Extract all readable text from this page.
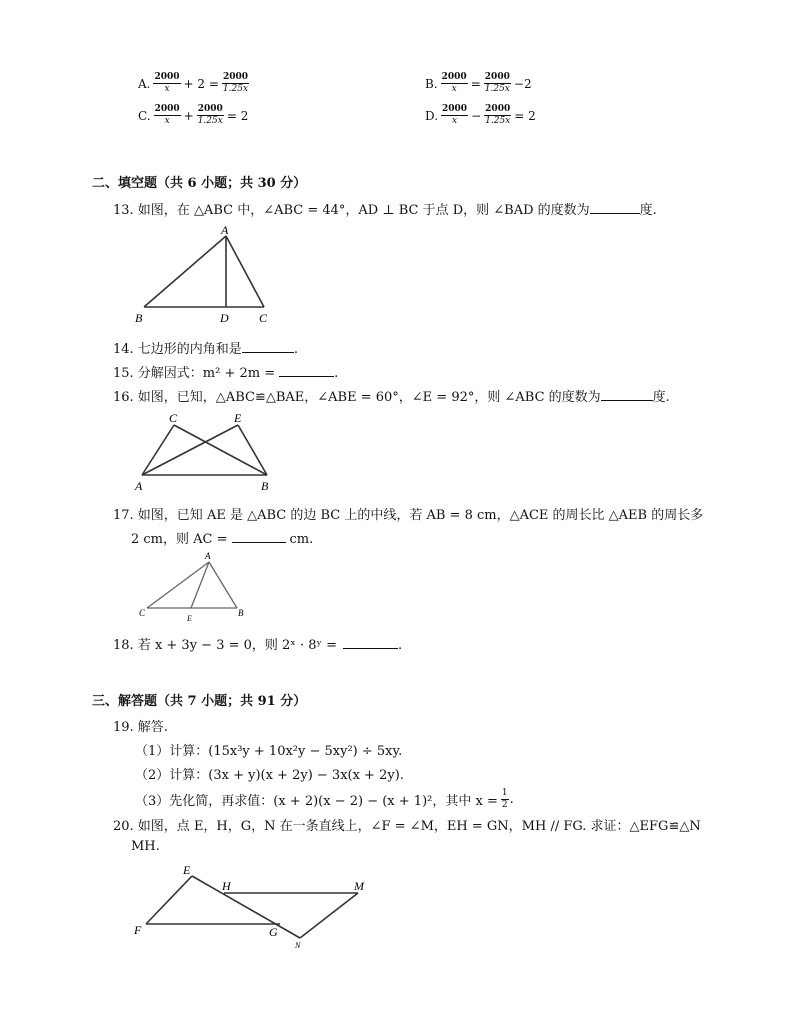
A. $\frac{2000}{x} + 2 = \frac{2000}{1.25x}$	B. $\frac{2000}{x} = \frac{2000}{1.25x} -2$
C. $\frac{2000}{x} + \frac{2000}{1.25x} = 2$	D. $\frac{2000}{x} - \frac{2000}{1.25x} = 2$
二、填空题（共 6 小题；共 30 分）
13. 如图，在 △ABC 中，∠ABC = 44°，AD ⊥ BC 于点 D，则 ∠BAD 的度数为	度.
A
B	D	C
14. 七边形的内角和是	.
15. 分解因式：m² + 2m =	.
16. 如图，已知，△ABC≌△BAE，∠ABE = 60°，∠E = 92°，则 ∠ABC 的度数为	度.
C	E
A	B
17. 如图，已知 AE 是 △ABC 的边 BC 上的中线，若 AB = 8 cm，△ACE 的周长比 △AEB 的周长多
2 cm，则 AC =	cm.
A
C
E
B
18. 若 x + 3y − 3 = 0，则 2ˣ · 8ʸ =	.
三、解答题（共 7 小题；共 91 分）
19. 解答.
（1）计算：(15x³y + 10x²y − 5xy²) ÷ 5xy.
（2）计算：(3x + y)(x + 2y) − 3x(x + 2y).
（3）先化简，再求值：(x + 2)(x − 2) − (x + 1)²，其中 $x = \frac{1}{2}$ .
20. 如图，点 E，H，G，N 在一条直线上，∠F = ∠M，EH = GN，MH // FG. 求证：△EFG≌△N
MH.
E
H	M
F	G
N
